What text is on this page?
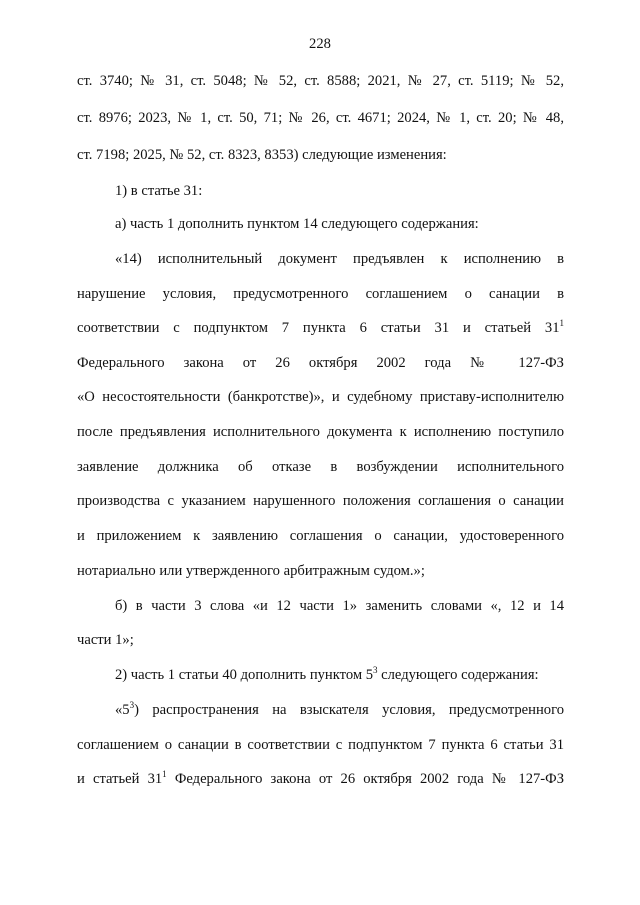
228
ст. 3740; № 31, ст. 5048; № 52, ст. 8588; 2021, № 27, ст. 5119; № 52,
ст. 8976; 2023, № 1, ст. 50, 71; № 26, ст. 4671; 2024, № 1, ст. 20; № 48,
ст. 7198; 2025, № 52, ст. 8323, 8353) следующие изменения:
1) в статье 31:
а) часть 1 дополнить пунктом 14 следующего содержания:
«14) исполнительный документ предъявлен к исполнению в
нарушение условия, предусмотренного соглашением о санации в
соответствии с подпунктом 7 пункта 6 статьи 31 и статьей $31^1$
Федерального закона от 26 октября 2002 года № 127-ФЗ
«О несостоятельности (банкротстве)», и судебному приставу-исполнителю
после предъявления исполнительного документа к исполнению поступило
заявление должника об отказе в возбуждении исполнительного
производства с указанием нарушенного положения соглашения о санации
и приложением к заявлению соглашения о санации, удостоверенного
нотариально или утвержденного арбитражным судом.»;
б) в части 3 слова «и 12 части 1» заменить словами «, 12 и 14
части 1»;
2) часть 1 статьи 40 дополнить пунктом $5^3$ следующего содержания:
«$5^3$) распространения на взыскателя условия, предусмотренного
соглашением о санации в соответствии с подпунктом 7 пункта 6 статьи 31
и статьей $31^1$ Федерального закона от 26 октября 2002 года № 127-ФЗ
